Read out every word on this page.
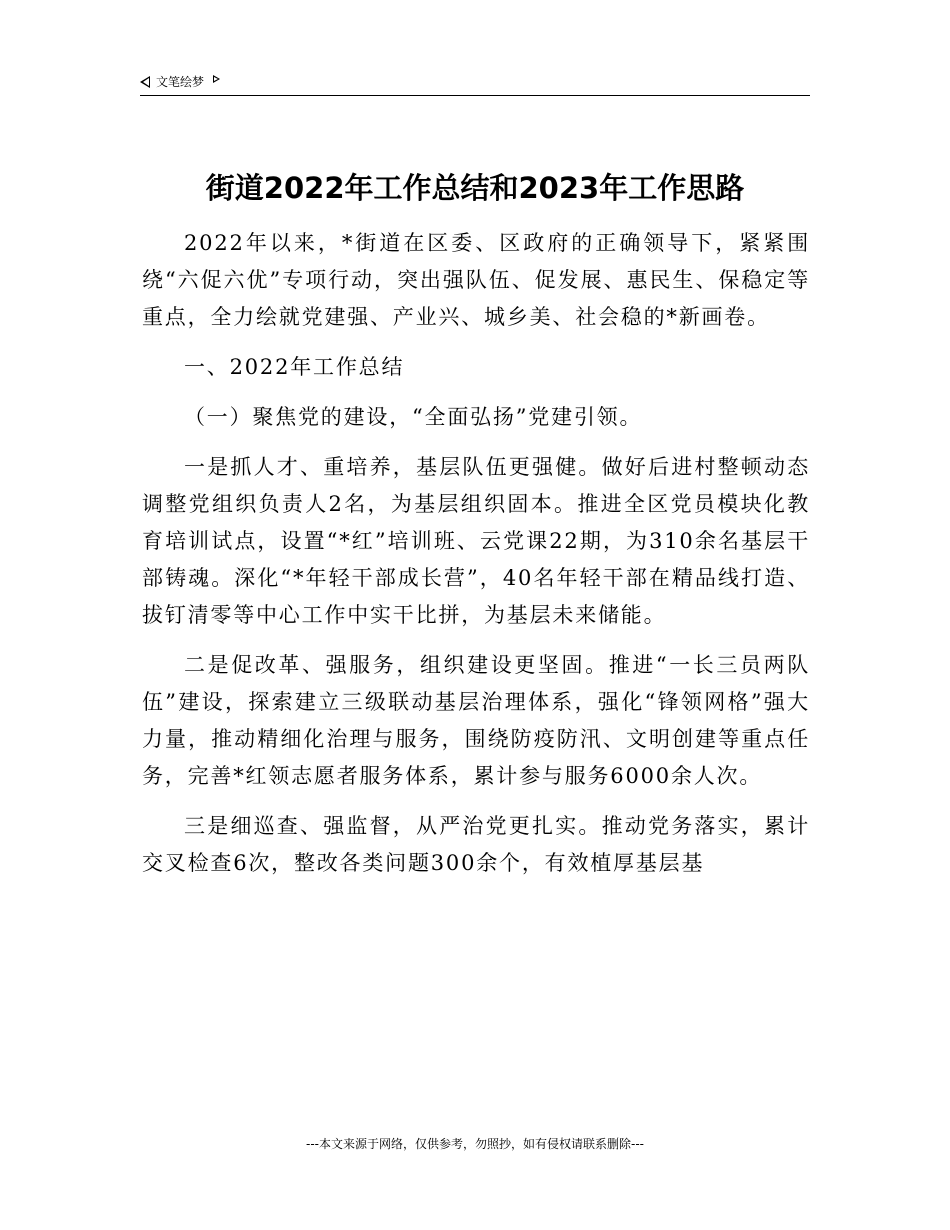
文笔绘梦
街道2022年工作总结和2023年工作思路

2022年以来，*街道在区委、区政府的正确领导下，紧紧围绕“六促六优”专项行动，突出强队伍、促发展、惠民生、保稳定等重点，全力绘就党建强、产业兴、城乡美、社会稳的*新画卷。

一、2022年工作总结

（一）聚焦党的建设，“全面弘扬”党建引领。

一是抓人才、重培养，基层队伍更强健。做好后进村整顿动态调整党组织负责人2名，为基层组织固本。推进全区党员模块化教育培训试点，设置“*红”培训班、云党课22期，为310余名基层干部铸魂。深化“*年轻干部成长营”，40名年轻干部在精品线打造、拔钉清零等中心工作中实干比拼，为基层未来储能。

二是促改革、强服务，组织建设更坚固。推进“一长三员两队伍”建设，探索建立三级联动基层治理体系，强化“锋领网格”强大力量，推动精细化治理与服务，围绕防疫防汛、文明创建等重点任务，完善*红领志愿者服务体系，累计参与服务6000余人次。

三是细巡查、强监督，从严治党更扎实。推动党务落实，累计交叉检查6次，整改各类问题300余个，有效植厚基层基

---本文来源于网络，仅供参考，勿照抄，如有侵权请联系删除---
